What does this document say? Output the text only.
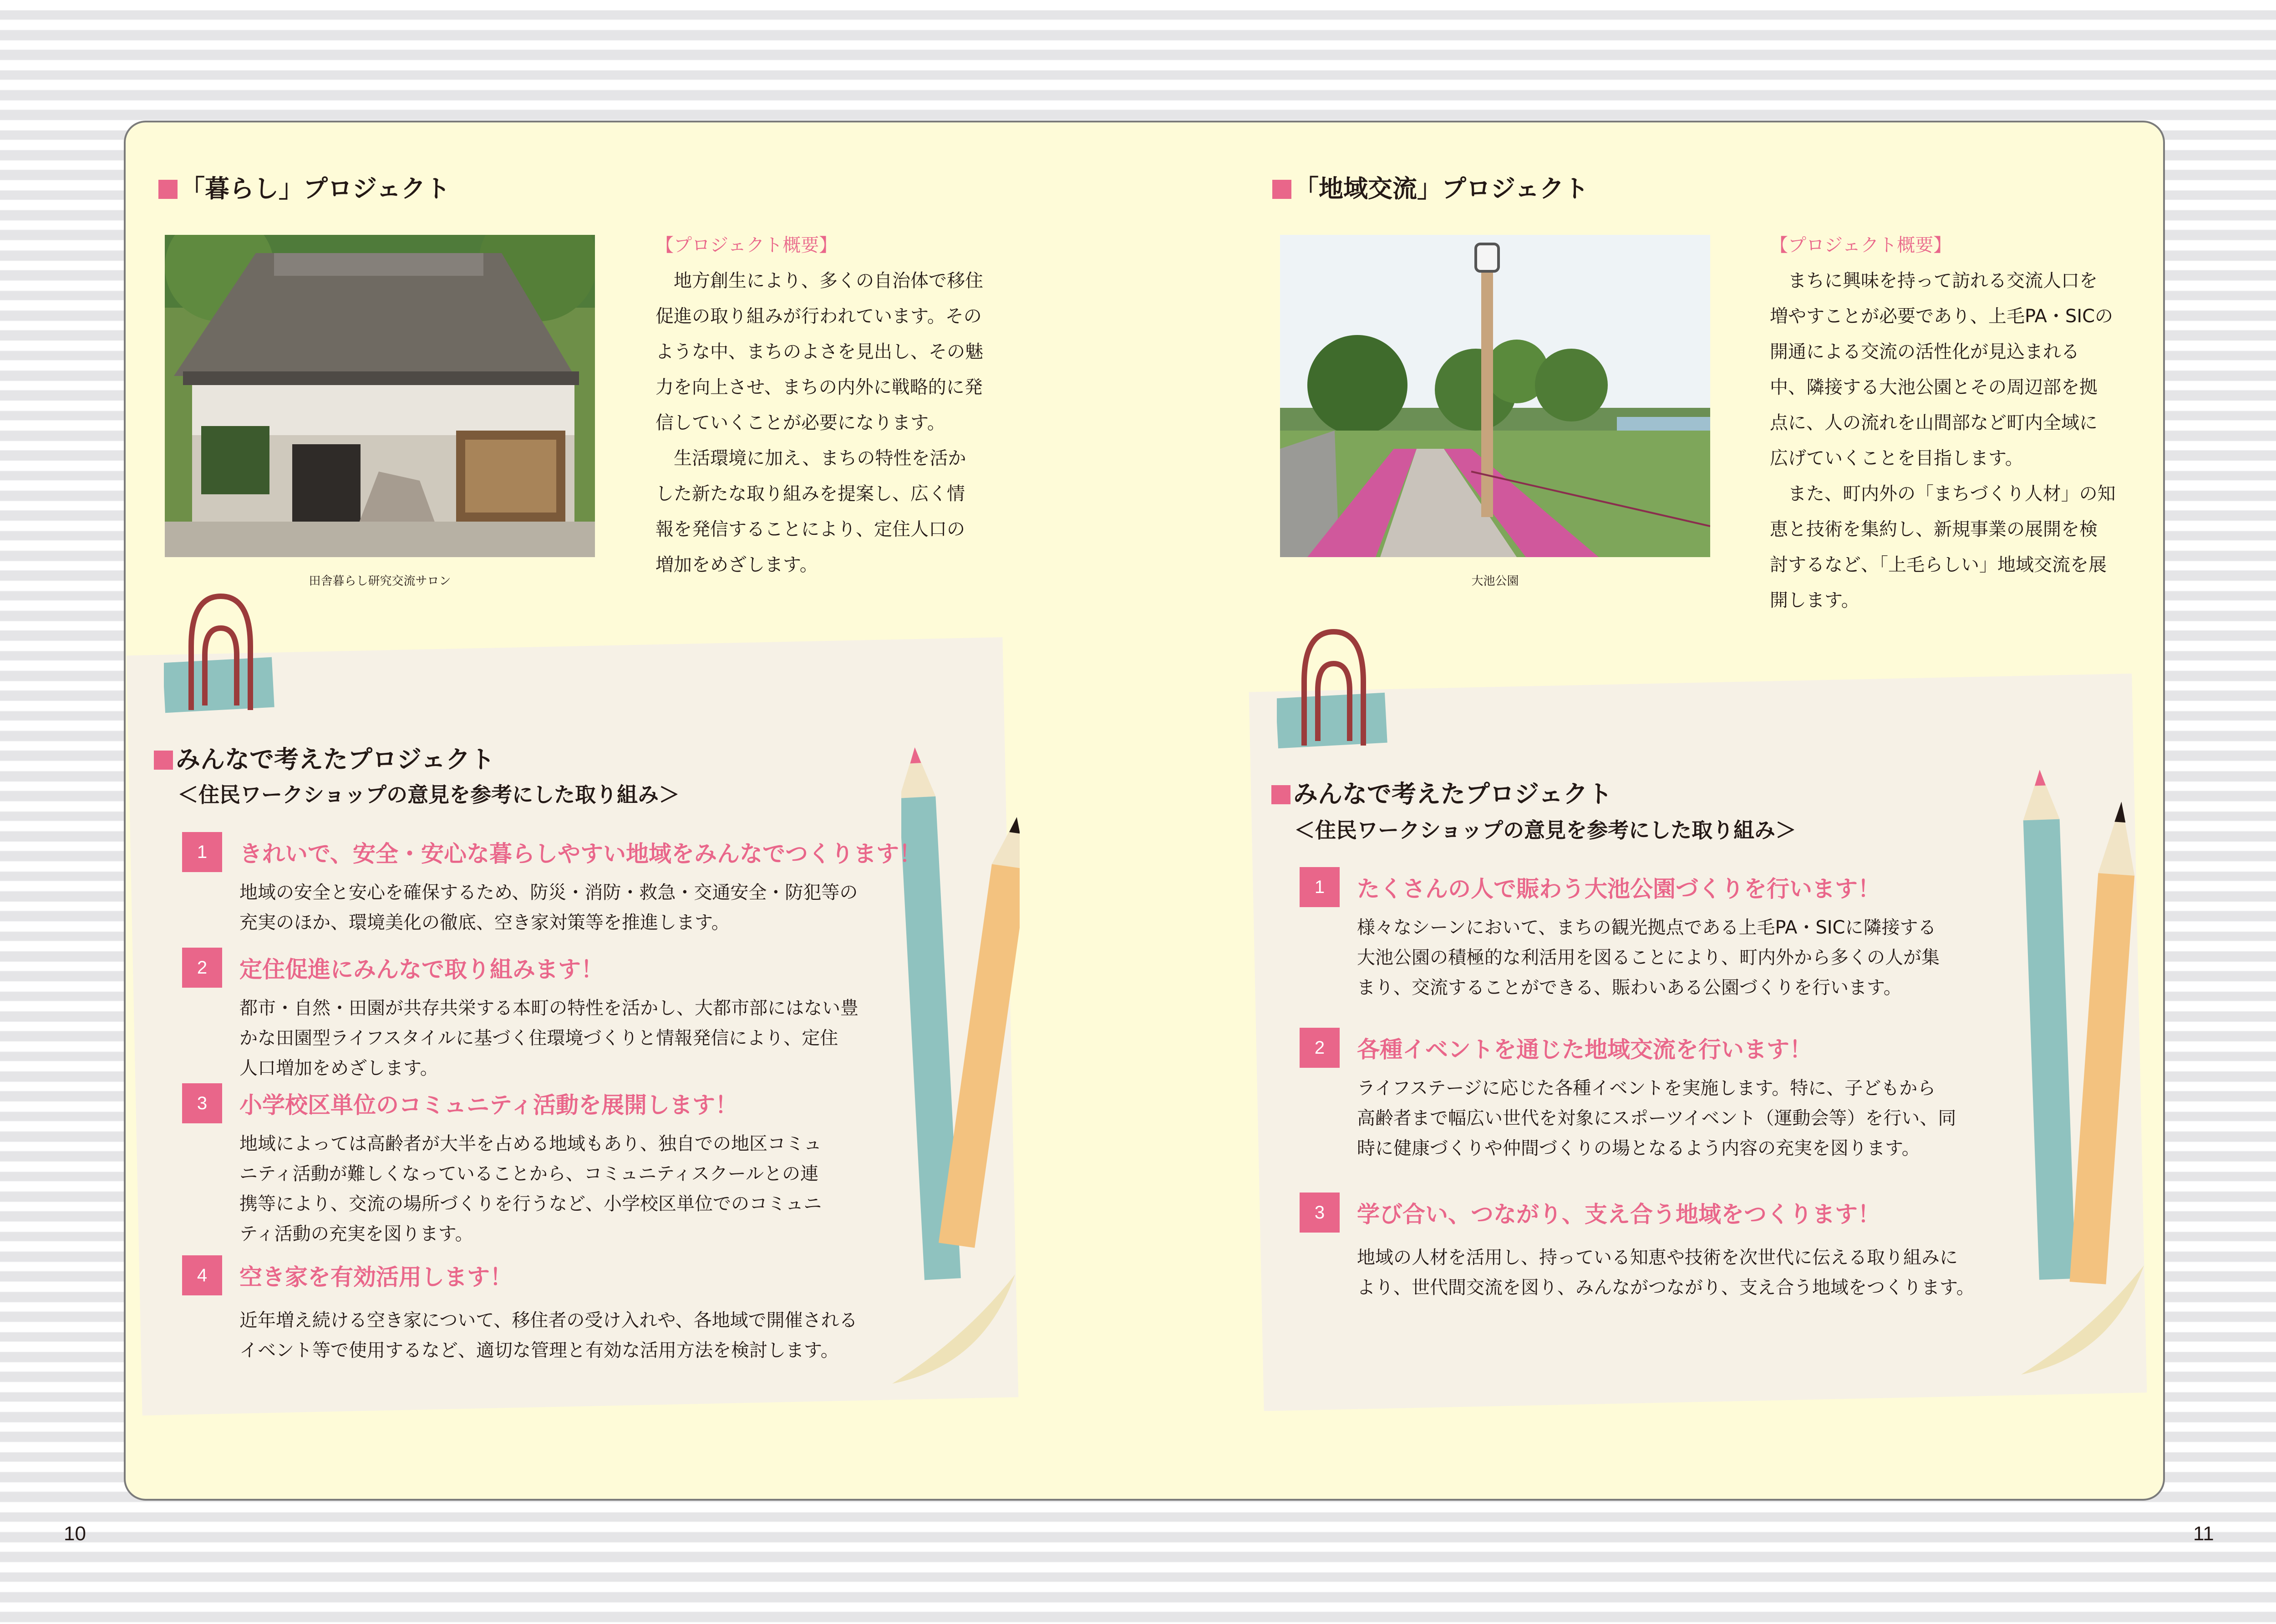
「暮らし」プロジェクト
田舎暮らし研究交流サロン
【プロジェクト概要】
地方創生により、多くの自治体で移住
促進の取り組みが行われています。その
ような中、まちのよさを見出し、その魅
力を向上させ、まちの内外に戦略的に発
信していくことが必要になります。
生活環境に加え、まちの特性を活か
した新たな取り組みを提案し、広く情
報を発信することにより、定住人口の
増加をめざします。
みんなで考えたプロジェクト
＜住民ワークショップの意見を参考にした取り組み＞
1	きれいで、安全・安心な暮らしやすい地域をみんなでつくります！
地域の安全と安心を確保するため、防災・消防・救急・交通安全・防犯等の
充実のほか、環境美化の徹底、空き家対策等を推進します。
2	定住促進にみんなで取り組みます！
都市・自然・田園が共存共栄する本町の特性を活かし、大都市部にはない豊
かな田園型ライフスタイルに基づく住環境づくりと情報発信により、定住
人口増加をめざします。
3	小学校区単位のコミュニティ活動を展開します！
地域によっては高齢者が大半を占める地域もあり、独自での地区コミュ
ニティ活動が難しくなっていることから、コミュニティスクールとの連
携等により、交流の場所づくりを行うなど、小学校区単位でのコミュニ
ティ活動の充実を図ります。
4	空き家を有効活用します！
近年増え続ける空き家について、移住者の受け入れや、各地域で開催される
イベント等で使用するなど、適切な管理と有効な活用方法を検討します。
「地域交流」プロジェクト
大池公園
【プロジェクト概要】
まちに興味を持って訪れる交流人口を
増やすことが必要であり、上毛PA・SICの
開通による交流の活性化が見込まれる
中、隣接する大池公園とその周辺部を拠
点に、人の流れを山間部など町内全域に
広げていくことを目指します。
また、町内外の「まちづくり人材」の知
恵と技術を集約し、新規事業の展開を検
討するなど、「上毛らしい」地域交流を展
開します。
みんなで考えたプロジェクト
＜住民ワークショップの意見を参考にした取り組み＞
1	たくさんの人で賑わう大池公園づくりを行います！
様々なシーンにおいて、まちの観光拠点である上毛PA・SICに隣接する
大池公園の積極的な利活用を図ることにより、町内外から多くの人が集
まり、交流することができる、賑わいある公園づくりを行います。
2	各種イベントを通じた地域交流を行います！
ライフステージに応じた各種イベントを実施します。特に、子どもから
高齢者まで幅広い世代を対象にスポーツイベント（運動会等）を行い、同
時に健康づくりや仲間づくりの場となるよう内容の充実を図ります。
3	学び合い、つながり、支え合う地域をつくります！
地域の人材を活用し、持っている知恵や技術を次世代に伝える取り組みに
より、世代間交流を図り、みんながつながり、支え合う地域をつくります。
10	11
